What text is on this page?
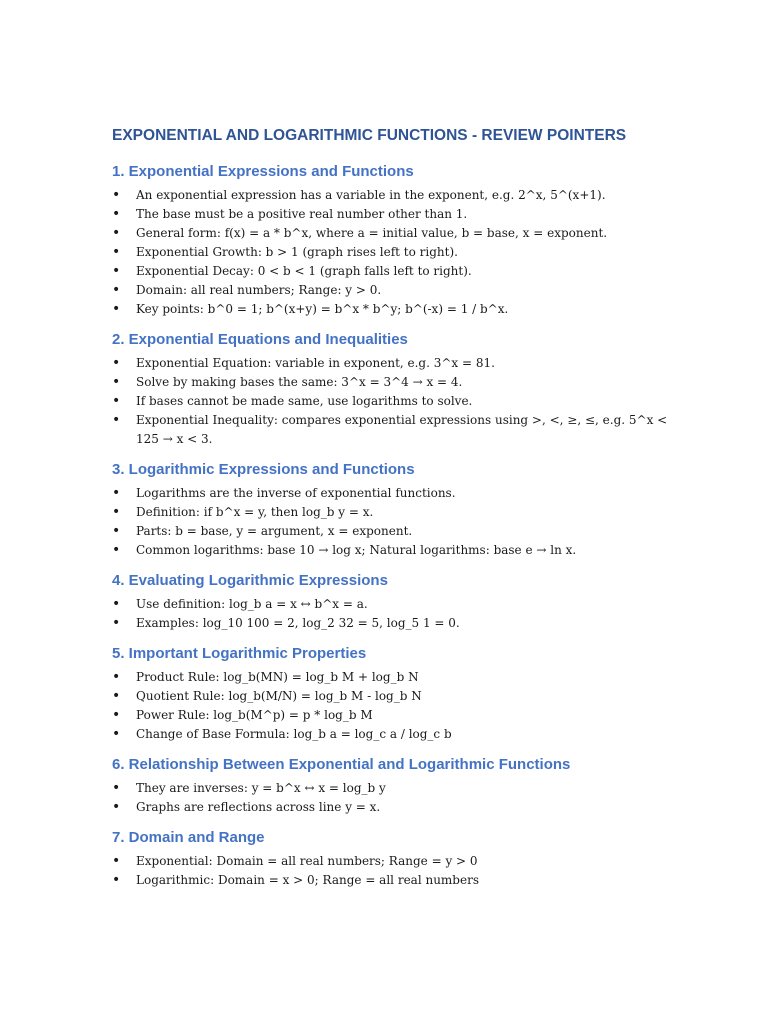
EXPONENTIAL AND LOGARITHMIC FUNCTIONS - REVIEW POINTERS
1. Exponential Expressions and Functions
• An exponential expression has a variable in the exponent, e.g. 2^x, 5^(x+1).
• The base must be a positive real number other than 1.
• General form: f(x) = a * b^x, where a = initial value, b = base, x = exponent.
• Exponential Growth: b > 1 (graph rises left to right).
• Exponential Decay: 0 < b < 1 (graph falls left to right).
• Domain: all real numbers; Range: y > 0.
• Key points: b^0 = 1; b^(x+y) = b^x * b^y; b^(-x) = 1 / b^x.
2. Exponential Equations and Inequalities
• Exponential Equation: variable in exponent, e.g. 3^x = 81.
• Solve by making bases the same: 3^x = 3^4 → x = 4.
• If bases cannot be made same, use logarithms to solve.
• Exponential Inequality: compares exponential expressions using >, <, ≥, ≤, e.g. 5^x < 125 → x < 3.
3. Logarithmic Expressions and Functions
• Logarithms are the inverse of exponential functions.
• Definition: if b^x = y, then log_b y = x.
• Parts: b = base, y = argument, x = exponent.
• Common logarithms: base 10 → log x; Natural logarithms: base e → ln x.
4. Evaluating Logarithmic Expressions
• Use definition: log_b a = x ↔ b^x = a.
• Examples: log_10 100 = 2, log_2 32 = 5, log_5 1 = 0.
5. Important Logarithmic Properties
• Product Rule: log_b(MN) = log_b M + log_b N
• Quotient Rule: log_b(M/N) = log_b M - log_b N
• Power Rule: log_b(M^p) = p * log_b M
• Change of Base Formula: log_b a = log_c a / log_c b
6. Relationship Between Exponential and Logarithmic Functions
• They are inverses: y = b^x ↔ x = log_b y
• Graphs are reflections across line y = x.
7. Domain and Range
• Exponential: Domain = all real numbers; Range = y > 0
• Logarithmic: Domain = x > 0; Range = all real numbers
